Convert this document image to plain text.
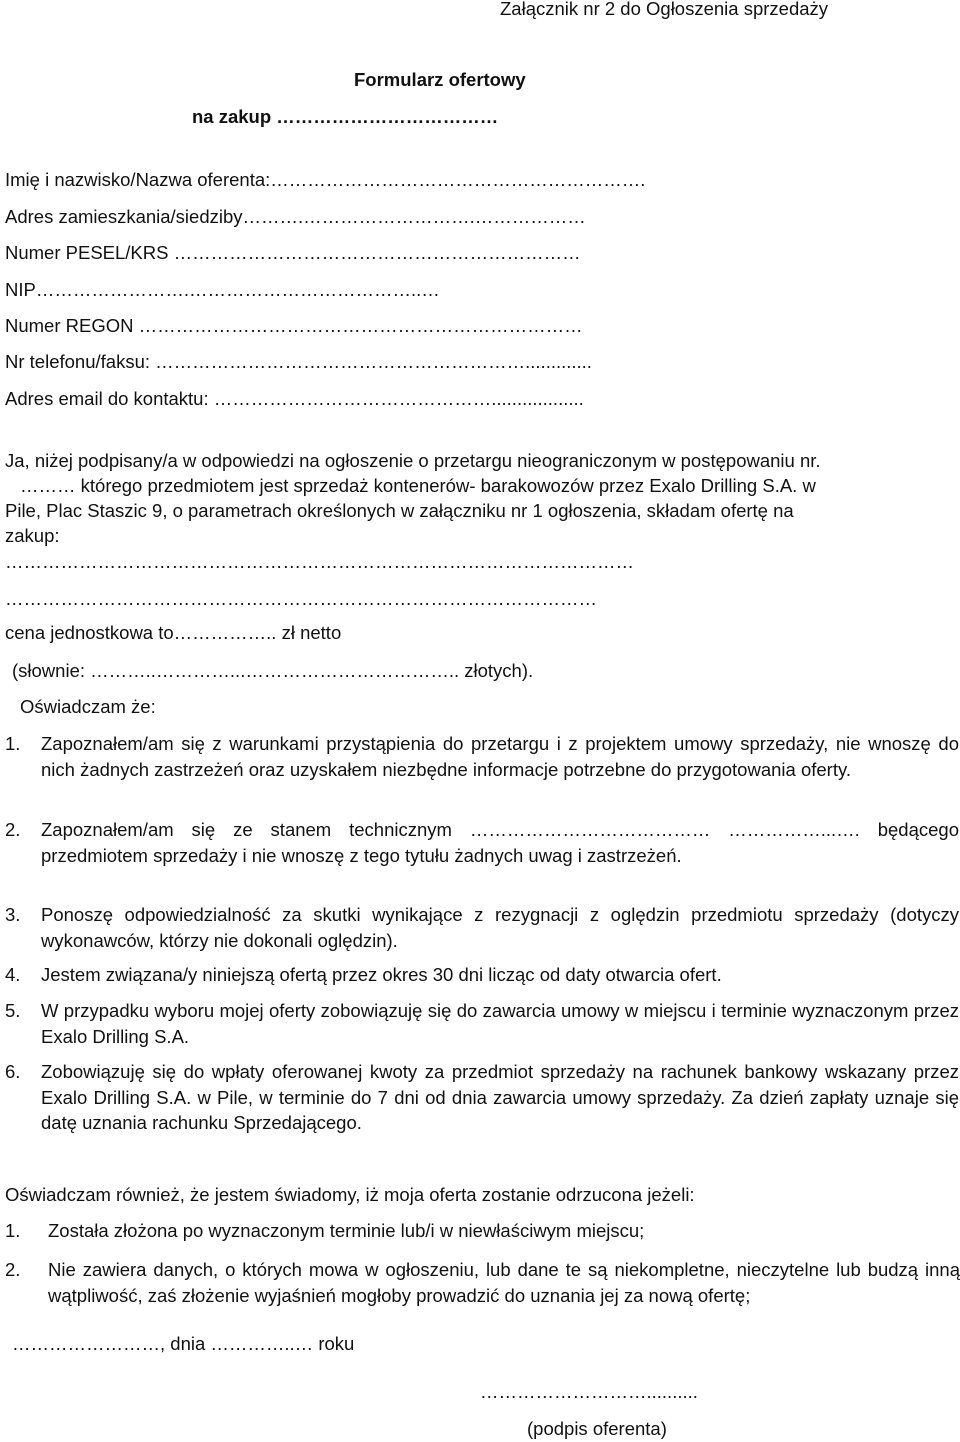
Załącznik nr 2 do Ogłoszenia sprzedaży
Formularz ofertowy
na zakup ………………………………
Imię i nazwisko/Nazwa oferenta:…………………………………………………….
Adres zamieszkania/siedziby……….……………………….………………
Numer PESEL/KRS …………………………………………………………
NIP…………………….………………………………..…
Numer REGON ………………………………………………………………
Nr telefonu/faksu: …………………………………………………….............
Adres email do kontaktu: ………………………………………..................
Ja, niżej podpisany/a w odpowiedzi na ogłoszenie o przetargu nieograniczonym w postępowaniu nr.
……… którego przedmiotem jest sprzedaż kontenerów- barakowozów przez Exalo Drilling S.A. w
Pile, Plac Staszic 9, o parametrach określonych w załączniku nr 1 ogłoszenia, składam ofertę na
zakup:
…………………………………………………………………………………………
……………………………………………………………………………………
cena jednostkowa to…………….. zł netto
(słownie: ………..…………...…………………………….. złotych).
Oświadczam że:
1. Zapoznałem/am się z warunkami przystąpienia do przetargu i z projektem umowy sprzedaży, nie wnoszę do nich żadnych zastrzeżeń oraz uzyskałem niezbędne informacje potrzebne do przygotowania oferty.
2. Zapoznałem/am się ze stanem technicznym ………………………………… ……………...…. będącego przedmiotem sprzedaży i nie wnoszę z tego tytułu żadnych uwag i zastrzeżeń.
3. Ponoszę odpowiedzialność za skutki wynikające z rezygnacji z oględzin przedmiotu sprzedaży (dotyczy wykonawców, którzy nie dokonali oględzin).
4. Jestem związana/y niniejszą ofertą przez okres 30 dni licząc od daty otwarcia ofert.
5. W przypadku wyboru mojej oferty zobowiązuję się do zawarcia umowy w miejscu i terminie wyznaczonym przez Exalo Drilling S.A.
6. Zobowiązuję się do wpłaty oferowanej kwoty za przedmiot sprzedaży na rachunek bankowy wskazany przez Exalo Drilling S.A. w Pile, w terminie do 7 dni od dnia zawarcia umowy sprzedaży. Za dzień zapłaty uznaje się datę uznania rachunku Sprzedającego.
Oświadczam również, że jestem świadomy, iż moja oferta zostanie odrzucona jeżeli:
1. Została złożona po wyznaczonym terminie lub/i w niewłaściwym miejscu;
2. Nie zawiera danych, o których mowa w ogłoszeniu, lub dane te są niekompletne, nieczytelne lub budzą inną wątpliwość, zaś złożenie wyjaśnień mogłoby prowadzić do uznania jej za nową ofertę;
……………………, dnia …………..… roku
………………………..........
(podpis oferenta)
